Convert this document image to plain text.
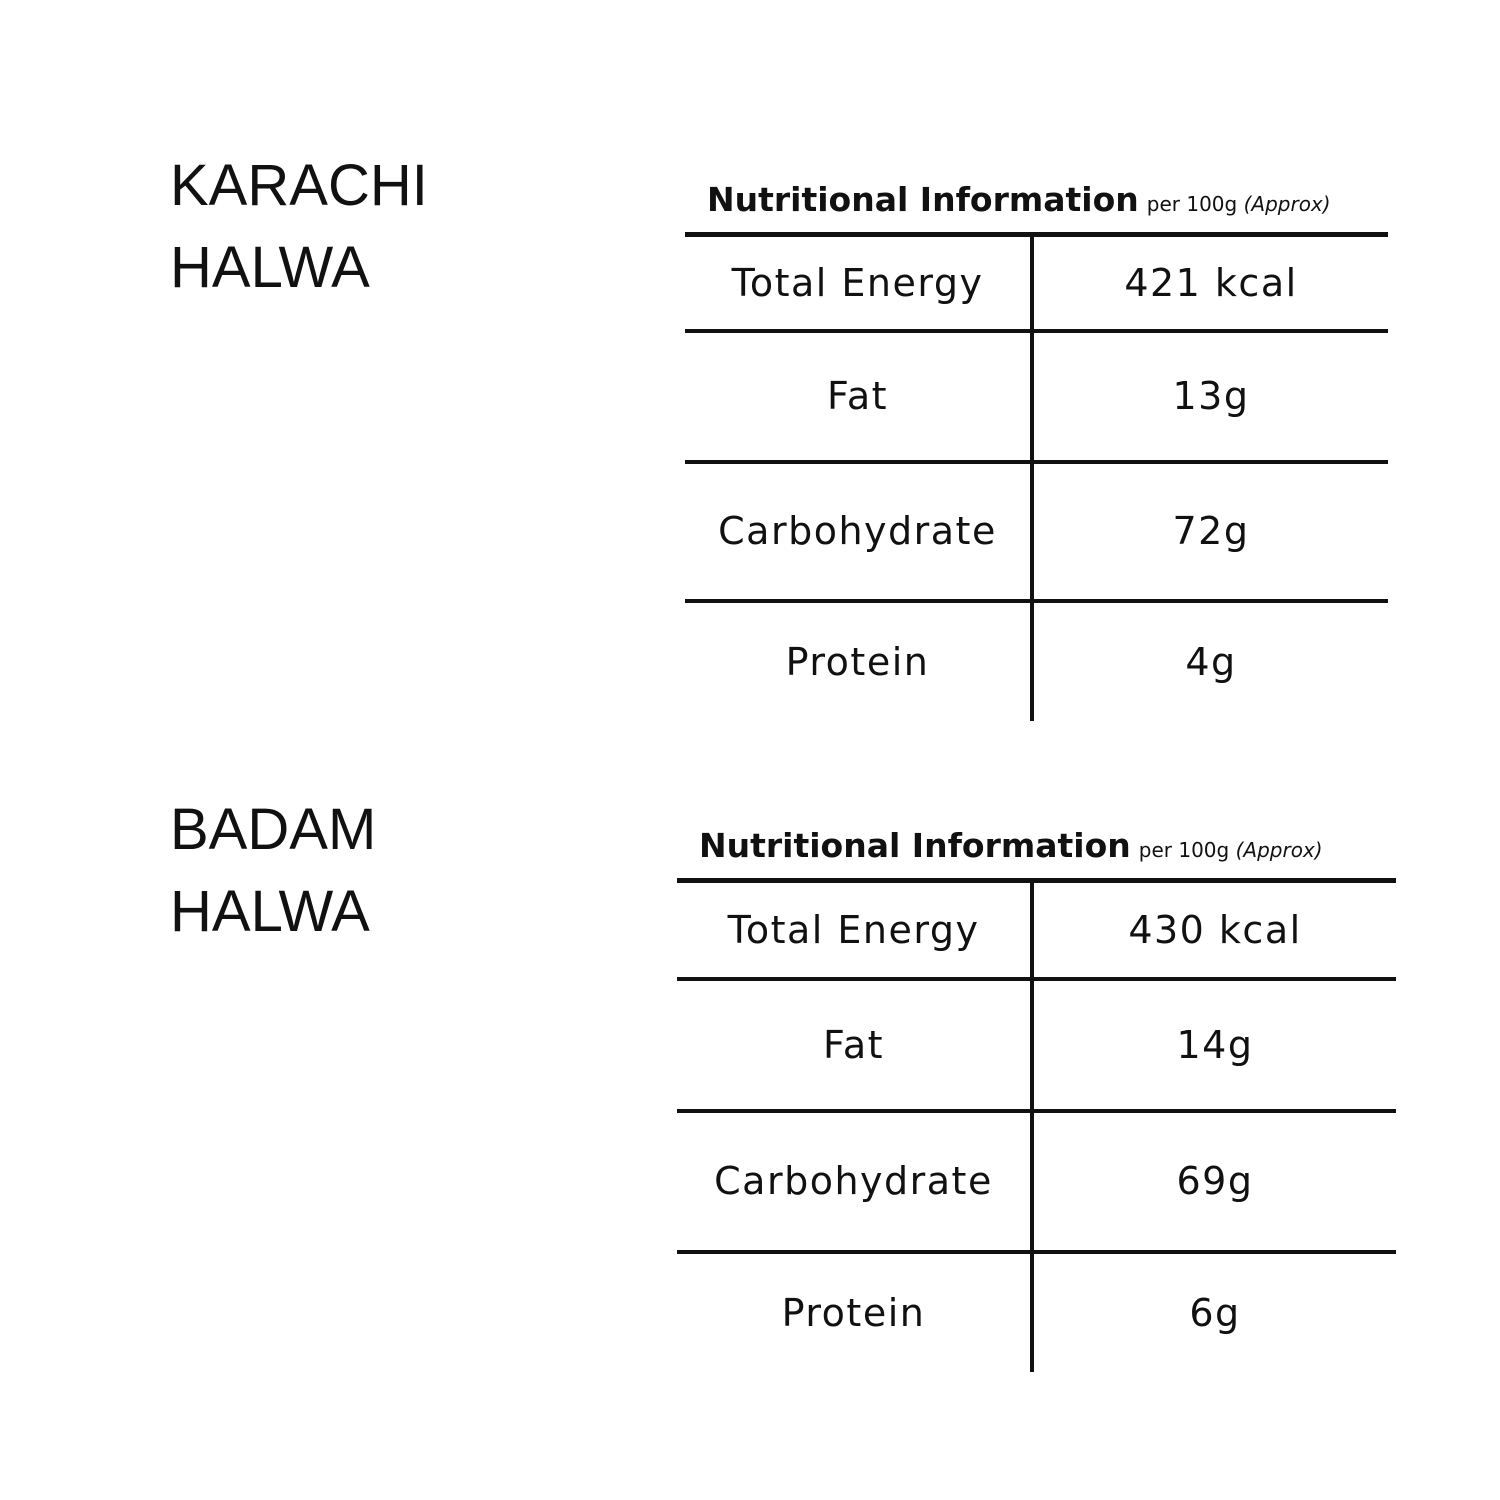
KARACHI
HALWA
Nutritional Information per 100g (Approx)
Total Energy	421 kcal
Fat	13g
Carbohydrate	72g
Protein	4g
BADAM
HALWA
Nutritional Information per 100g (Approx)
Total Energy	430 kcal
Fat	14g
Carbohydrate	69g
Protein	6g
